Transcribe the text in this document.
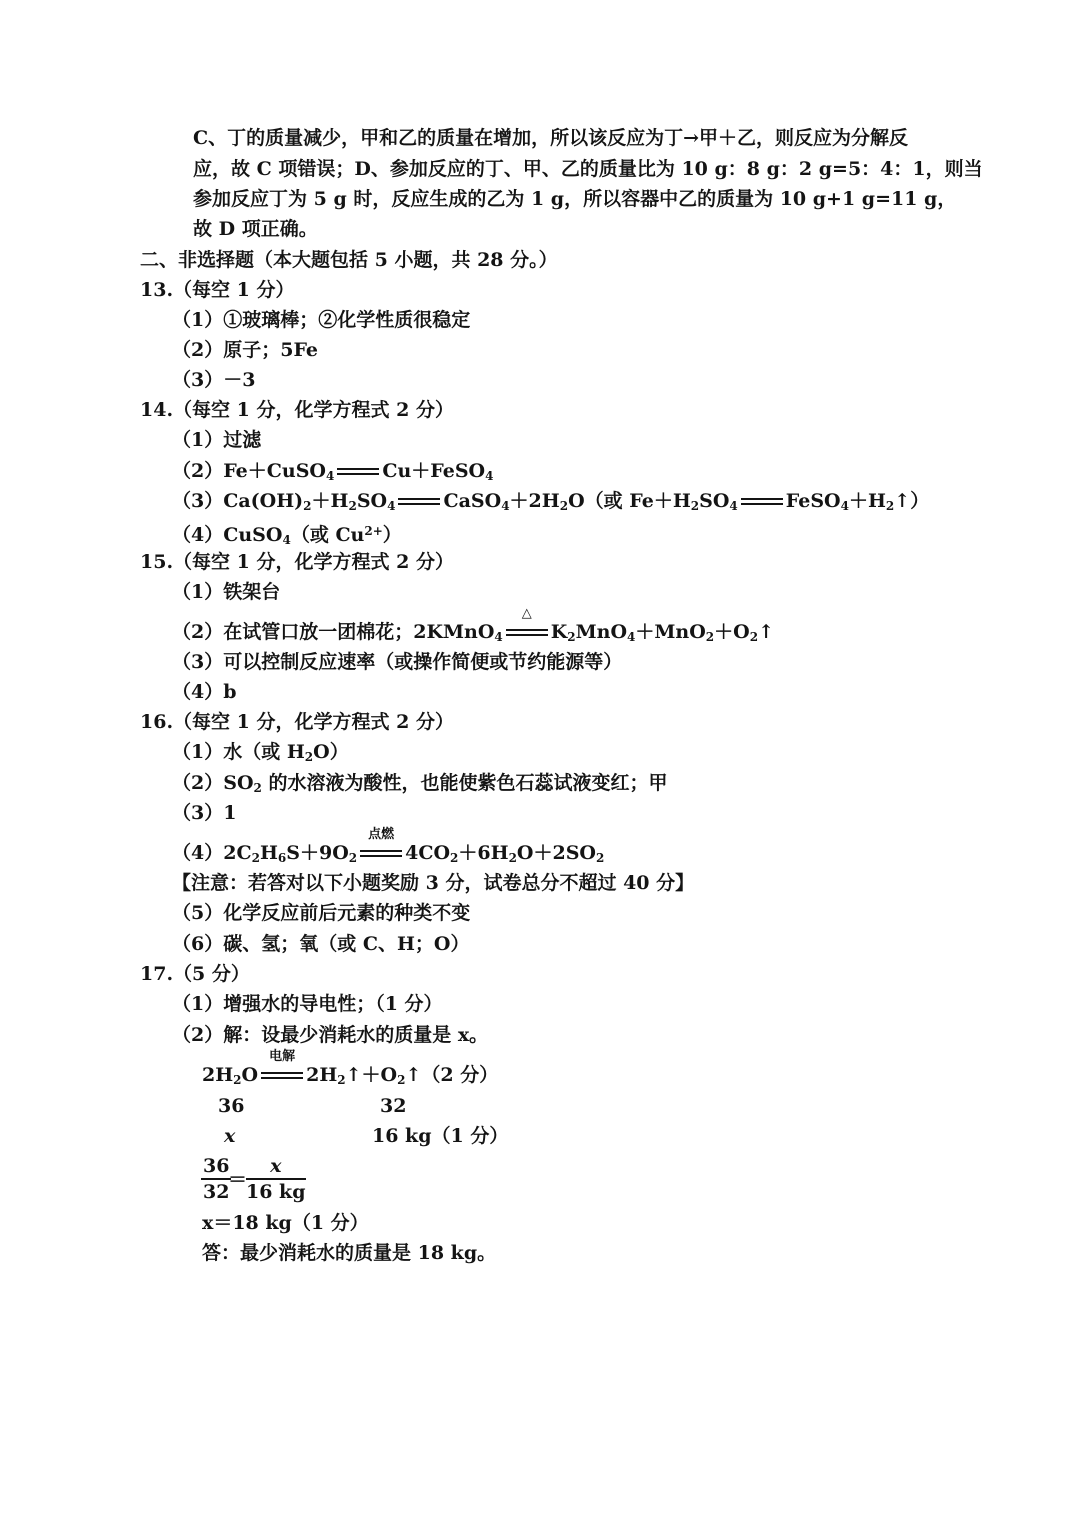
C、丁的质量减少，甲和乙的质量在增加，所以该反应为丁→甲＋乙，则反应为分解反
应，故 C 项错误；D、参加反应的丁、甲、乙的质量比为 10 g：8 g：2 g=5：4：1，则当
参加反应丁为 5 g 时，反应生成的乙为 1 g，所以容器中乙的质量为 10 g+1 g=11 g，
故 D 项正确。
二、非选择题（本大题包括 5 小题，共 28 分。）
13.（每空 1 分）
（1）①玻璃棒；②化学性质很稳定
（2）原子；5Fe
（3）－3
14.（每空 1 分，化学方程式 2 分）
（1）过滤
（2）Fe＋CuSO$_4$	Cu＋FeSO$_4$
$(3)Ca(OH)_2+H_2SO_4$	$CaSO_4+2H_2O$（或 $Fe+H_2SO_4$	$FeSO_4+H_2↑$）
（4）CuSO$_4$（或 $Cu^{2+}$）
15.（每空 1 分，化学方程式 2 分）
（1）铁架台
（2）在试管口放一团棉花；2KMnO$_4$
△
$K_2MnO_4+MnO_2+O_2↑$
（3）可以控制反应速率（或操作简便或节约能源等）
（4）b
16.（每空 1 分，化学方程式 2 分）
（1）水（或 $H_2O$）
$(2)SO_2$ 的水溶液为酸性，也能使紫色石蕊试液变红；甲
（3）1
$(4)2C_2H_6S+9O_2$
点燃
$4CO_2+6H_2O+2SO_2$
【注意：若答对以下小题奖励 3 分，试卷总分不超过 40 分】
（5）化学反应前后元素的种类不变
（6）碳、氢；氧（或 C、H；O）
17.（5 分）
（1）增强水的导电性；（1 分）
（2）解：设最少消耗水的质量是 x。
$2H_2O$
电解
$2H_2↑+O_2↑(2$ 分）
36	32
x	16 kg（1 分）
$\frac{36}{32}$
＝
$\frac{x}{16 kg}$
x＝18 kg（1 分）
答：最少消耗水的质量是 18 kg。
